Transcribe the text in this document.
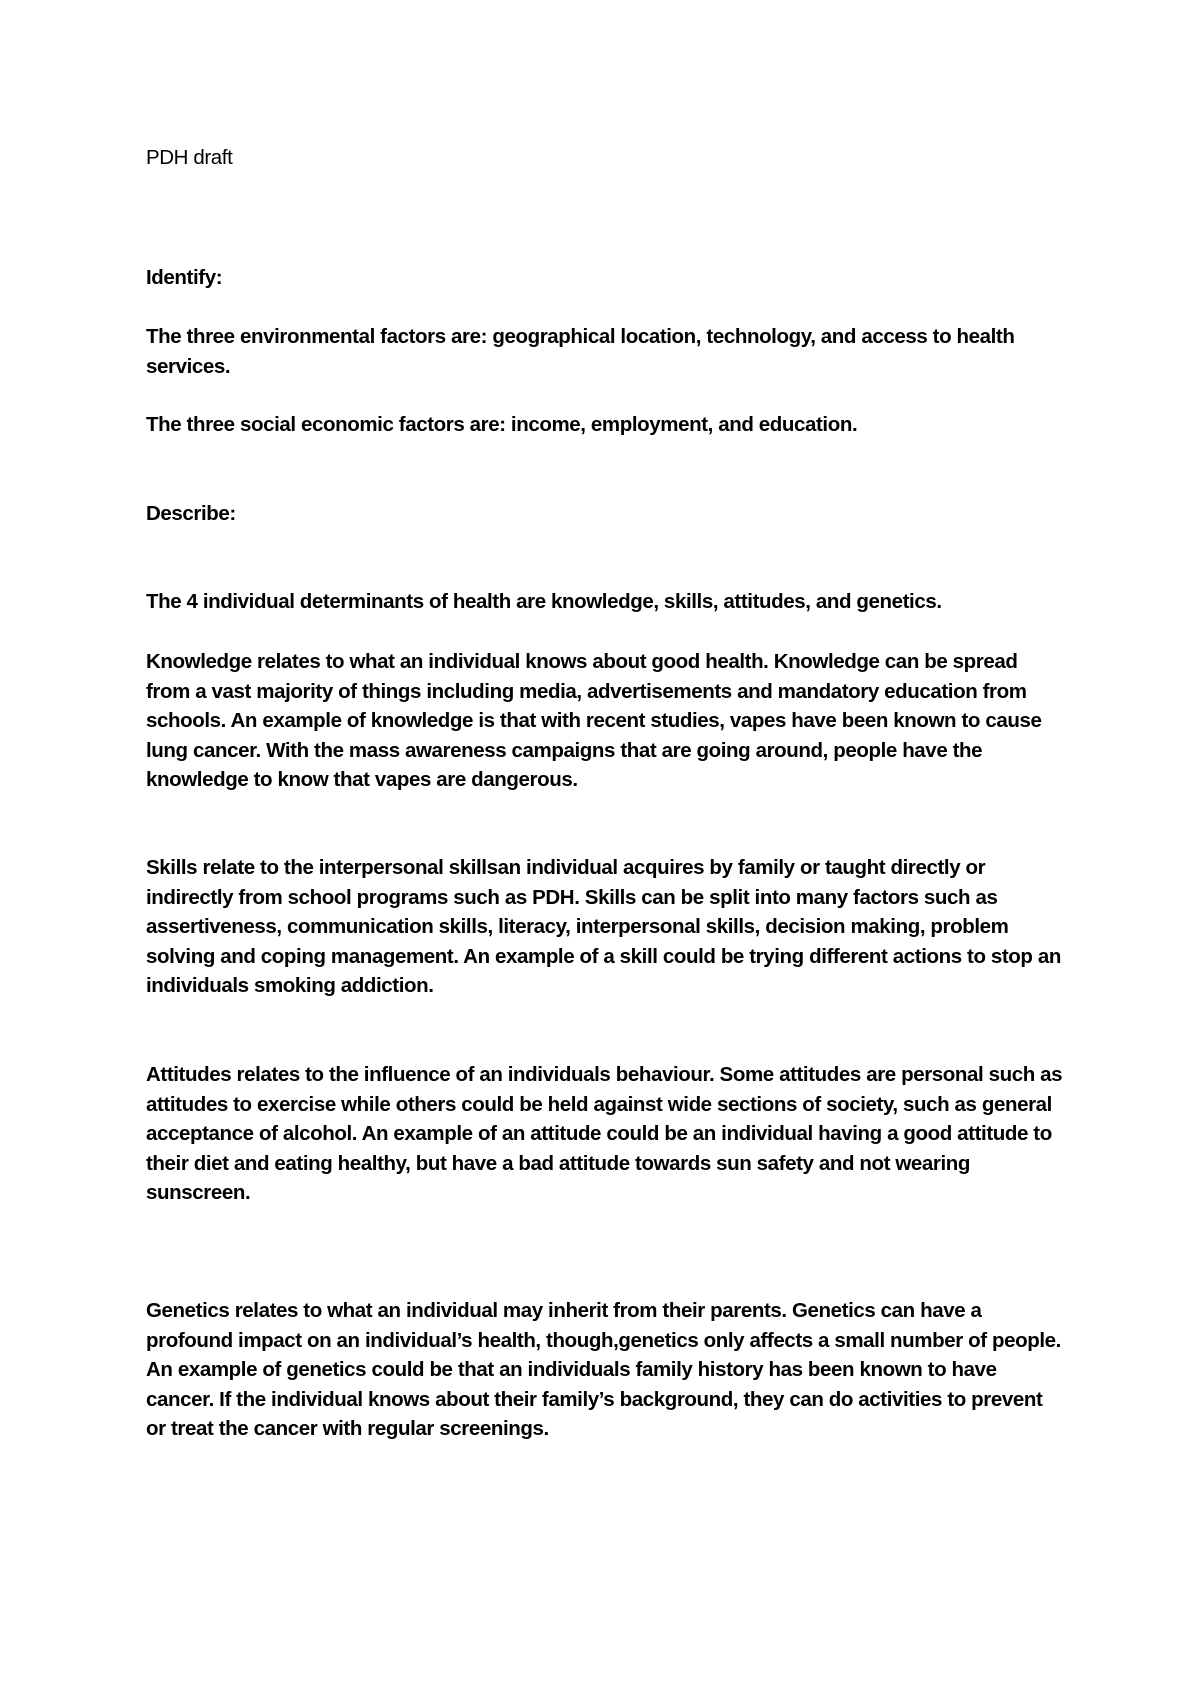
PDH draft

Identify:

The three environmental factors are: geographical location, technology, and access to health services.

The three social economic factors are: income, employment, and education.

Describe:

The 4 individual determinants of health are knowledge, skills, attitudes, and genetics.

Knowledge relates to what an individual knows about good health. Knowledge can be spread from a vast majority of things including media, advertisements and mandatory education from schools. An example of knowledge is that with recent studies, vapes have been known to cause lung cancer. With the mass awareness campaigns that are going around, people have the knowledge to know that vapes are dangerous.

Skills relate to the interpersonal skillsan individual acquires by family or taught directly or indirectly from school programs such as PDH. Skills can be split into many factors such as assertiveness, communication skills, literacy, interpersonal skills, decision making, problem solving and coping management. An example of a skill could be trying different actions to stop an individuals smoking addiction.

Attitudes relates to the influence of an individuals behaviour. Some attitudes are personal such as attitudes to exercise while others could be held against wide sections of society, such as general acceptance of alcohol. An example of an attitude could be an individual having a good attitude to their diet and eating healthy, but have a bad attitude towards sun safety and not wearing sunscreen.

Genetics relates to what an individual may inherit from their parents. Genetics can have a profound impact on an individual’s health, though,genetics only affects a small number of people. An example of genetics could be that an individuals family history has been known to have cancer. If the individual knows about their family’s background, they can do activities to prevent or treat the cancer with regular screenings.
